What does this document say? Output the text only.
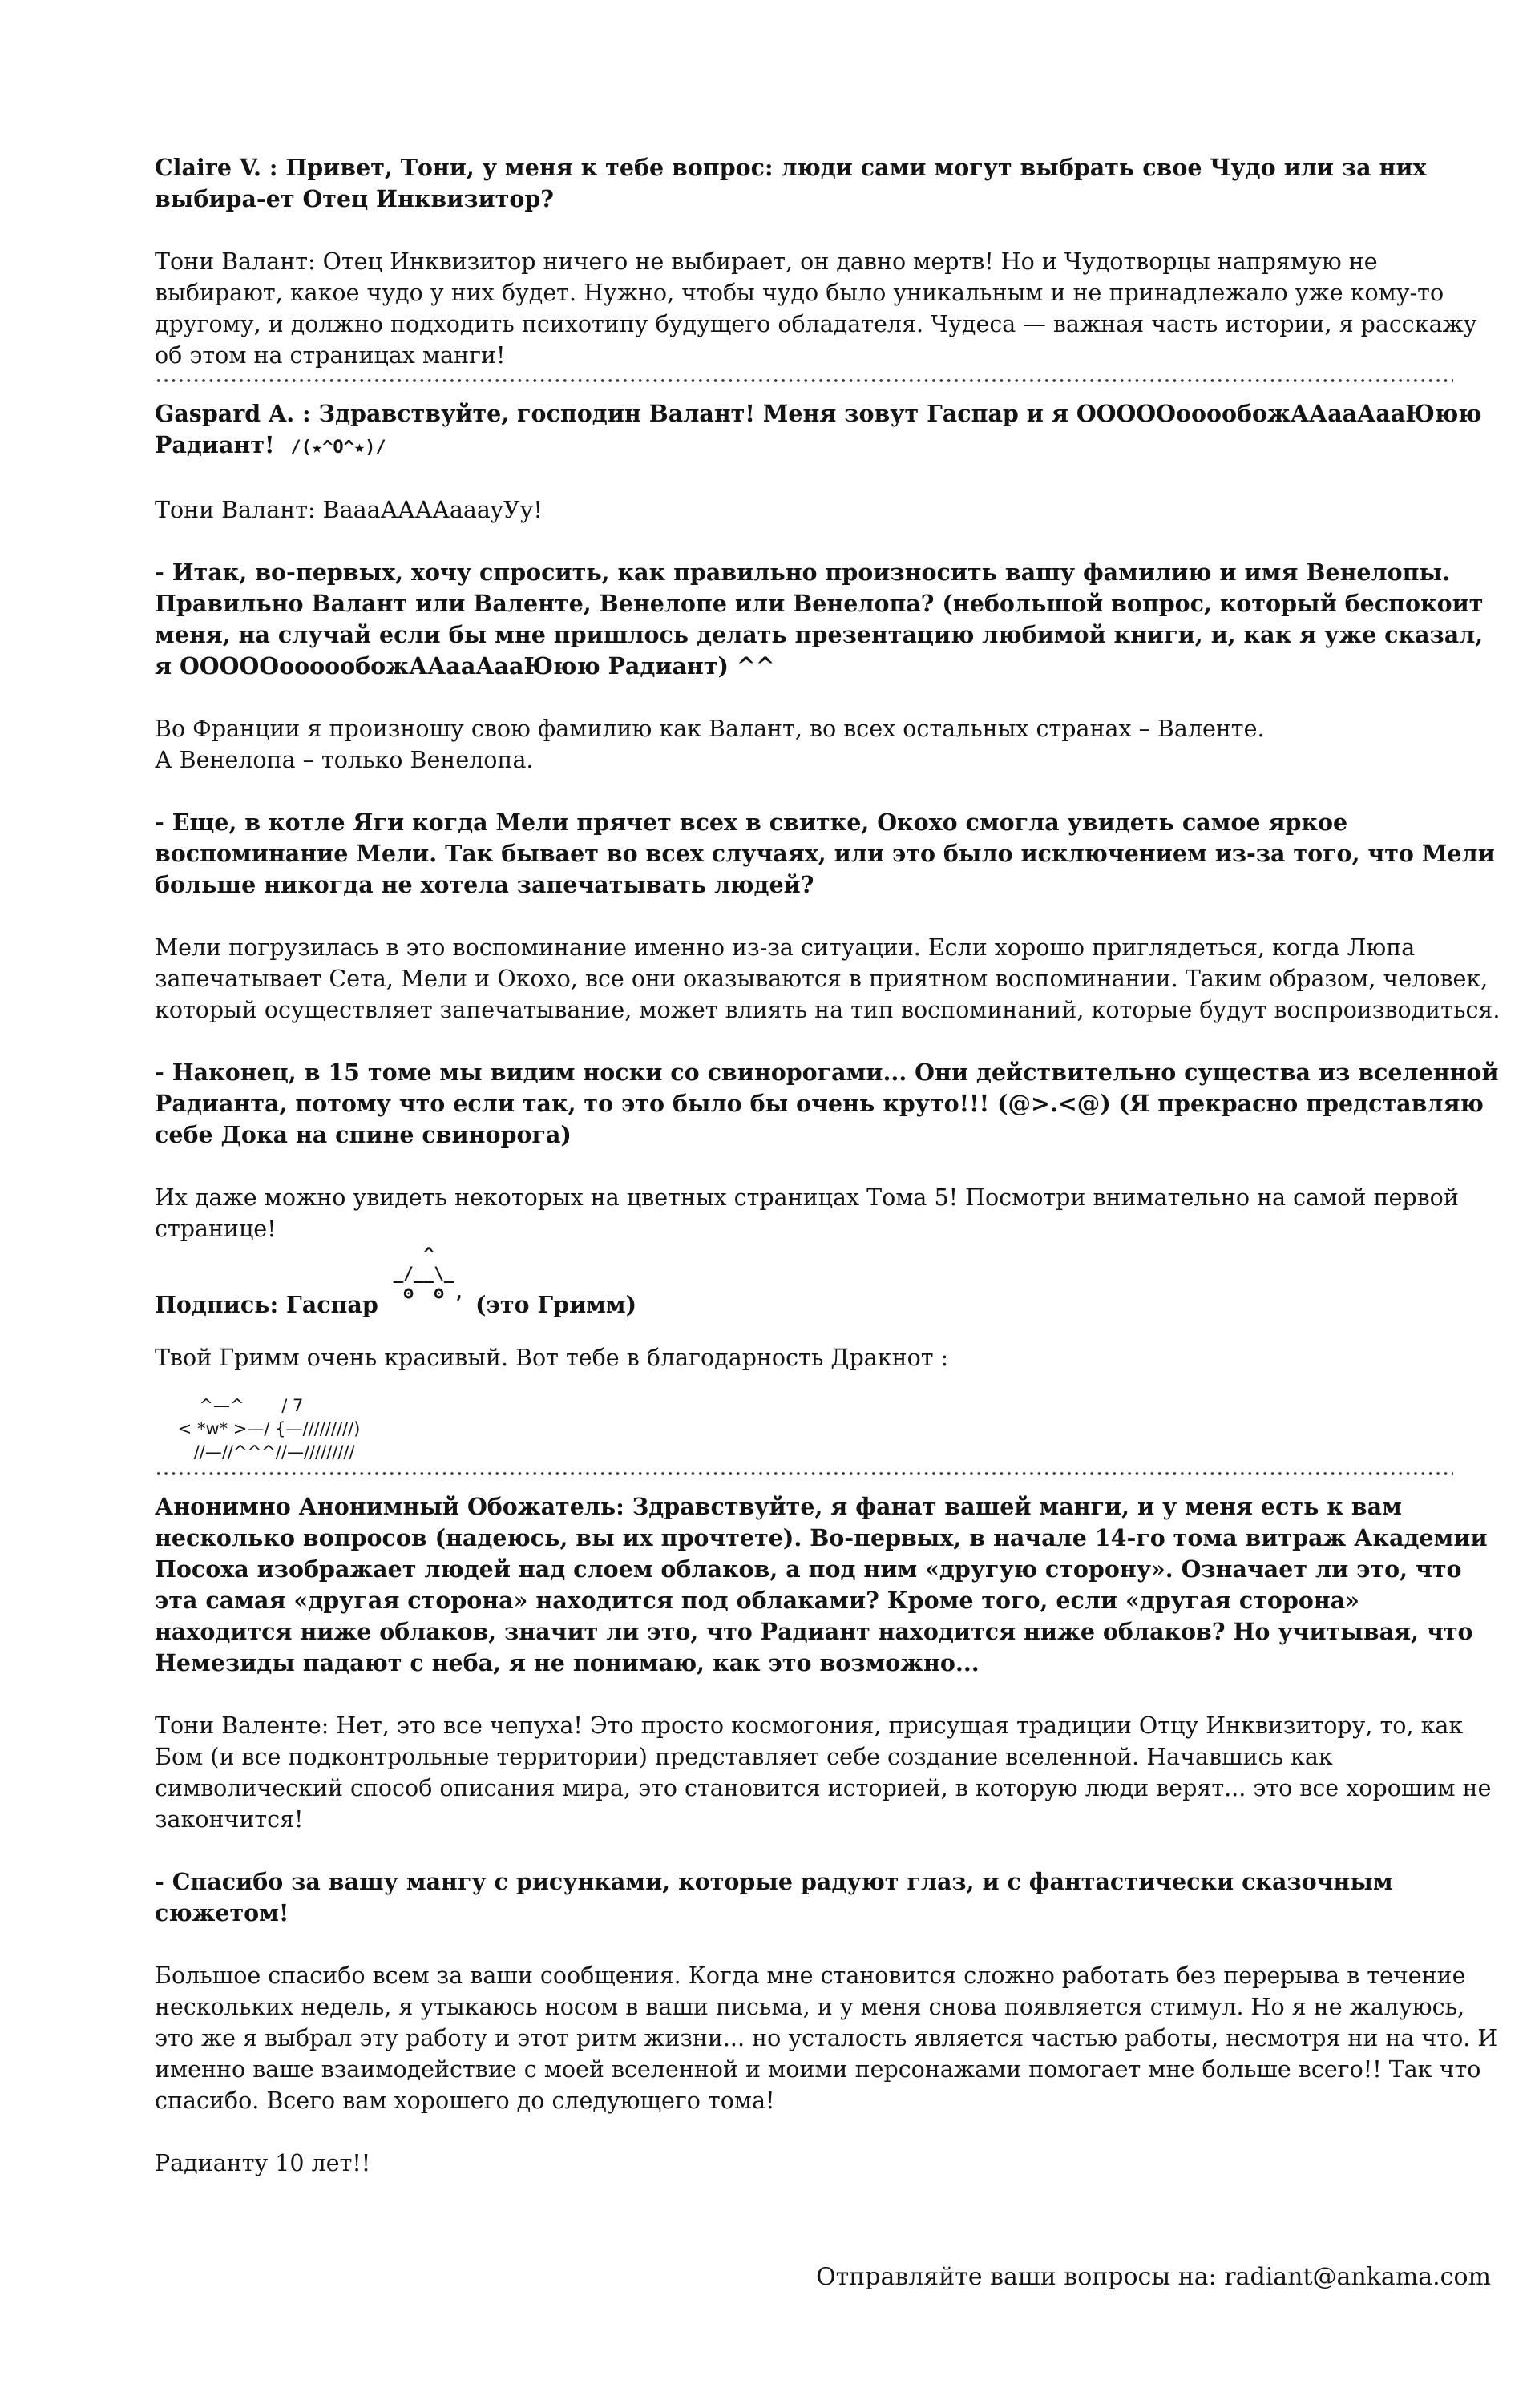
Claire V. : Привет, Тони, у меня к тебе вопрос: люди сами могут выбрать свое Чудо или за них выбира-ет Отец Инквизитор?

Тони Валант: Отец Инквизитор ничего не выбирает, он давно мертв! Но и Чудотворцы напрямую не выбирают, какое чудо у них будет. Нужно, чтобы чудо было уникальным и не принадлежало уже кому-то другому, и должно подходить психотипу будущего обладателя. Чудеса — важная часть истории, я расскажу об этом на страницах манги!

Gaspard A. : Здравствуйте, господин Валант! Меня зовут Гаспар и я ОООООооообожААааАааЮюю Радиант! /(★^O^★)/

Тони Валант: ВаааААААаааyУу!

- Итак, во-первых, хочу спросить, как правильно произносить вашу фамилию и имя Венелопы. Правильно Валант или Валенте, Венелопе или Венелопа? (небольшой вопрос, который беспокоит меня, на случай если бы мне пришлось делать презентацию любимой книги, и, как я уже сказал, я ОООООоооообожААааАааЮюю Радиант) ^^

Во Франции я произношу свою фамилию как Валант, во всех остальных странах – Валенте.

А Венелопа – только Венелопа.

- Еще, в котле Яги когда Мели прячет всех в свитке, Окохо смогла увидеть самое яркое воспоминание Мели. Так бывает во всех случаях, или это было исключением из-за того, что Мели больше никогда не хотела запечатывать людей?

Мели погрузилась в это воспоминание именно из-за ситуации. Если хорошо приглядеться, когда Люпа запечатывает Сета, Мели и Окохо, все они оказываются в приятном воспоминании. Таким образом, человек, который осуществляет запечатывание, может влиять на тип воспоминаний, которые будут воспроизводиться.

- Наконец, в 15 томе мы видим носки со свинорогами... Они действительно существа из вселенной Радианта, потому что если так, то это было бы очень круто!!! (@>.<@) (Я прекрасно представляю себе Дока на спине свинорога)

Их даже можно увидеть некоторых на цветных страницах Тома 5! Посмотри внимательно на самой первой странице!

^
_/__\_
ʘ  ʘ ,
Подпись: Гаспар	(это Гримм)

Твой Гримм очень красивый. Вот тебе в благодарность Дракнот :

^—^       / 7
< *w* >—/ {—/////////)
//—//^^^//—/////////

Анонимно Анонимный Обожатель: Здравствуйте, я фанат вашей манги, и у меня есть к вам несколько вопросов (надеюсь, вы их прочтете). Во-первых, в начале 14-го тома витраж Академии Посоха изображает людей над слоем облаков, а под ним «другую сторону». Означает ли это, что эта самая «другая сторона» находится под облаками? Кроме того, если «другая сторона» находится ниже облаков, значит ли это, что Радиант находится ниже облаков? Но учитывая, что Немезиды падают с неба, я не понимаю, как это возможно...

Тони Валенте: Нет, это все чепуха! Это просто космогония, присущая традиции Отцу Инквизитору, то, как Бом (и все подконтрольные территории) представляет себе создание вселенной. Начавшись как символический способ описания мира, это становится историей, в которую люди верят... это все хорошим не закончится!

- Спасибо за вашу мангу с рисунками, которые радуют глаз, и с фантастически сказочным сюжетом!

Большое спасибо всем за ваши сообщения. Когда мне становится сложно работать без перерыва в течение нескольких недель, я утыкаюсь носом в ваши письма, и у меня снова появляется стимул. Но я не жалуюсь, это же я выбрал эту работу и этот ритм жизни... но усталость является частью работы, несмотря ни на что. И именно ваше взаимодействие с моей вселенной и моими персонажами помогает мне больше всего!! Так что спасибо. Всего вам хорошего до следующего тома!

Радианту 10 лет!!

Отправляйте ваши вопросы на: radiant@ankama.com
